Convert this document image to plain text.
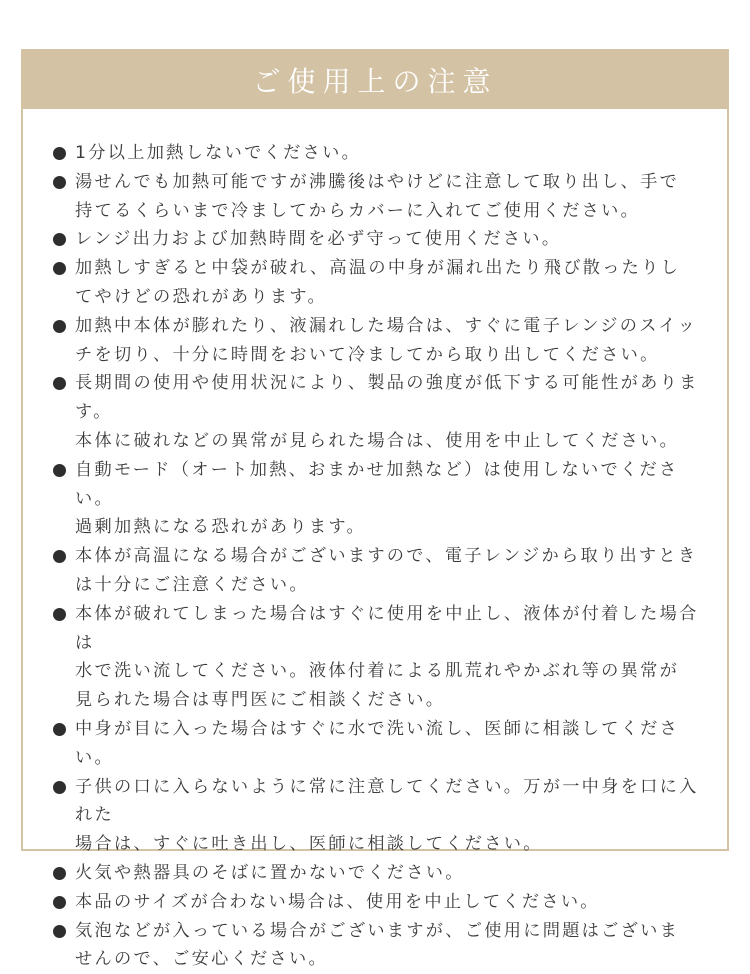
ご使用上の注意
1分以上加熱しないでください。
湯せんでも加熱可能ですが沸騰後はやけどに注意して取り出し、手で
持てるくらいまで冷ましてからカバーに入れてご使用ください。
レンジ出力および加熱時間を必ず守って使用ください。
加熱しすぎると中袋が破れ、高温の中身が漏れ出たり飛び散ったりし
てやけどの恐れがあります。
加熱中本体が膨れたり、液漏れした場合は、すぐに電子レンジのスイッ
チを切り、十分に時間をおいて冷ましてから取り出してください。
長期間の使用や使用状況により、製品の強度が低下する可能性があります。
本体に破れなどの異常が見られた場合は、使用を中止してください。
自動モード（オート加熱、おまかせ加熱など）は使用しないでください。
過剰加熱になる恐れがあります。
本体が高温になる場合がございますので、電子レンジから取り出すとき
は十分にご注意ください。
本体が破れてしまった場合はすぐに使用を中止し、液体が付着した場合は
水で洗い流してください。液体付着による肌荒れやかぶれ等の異常が
見られた場合は専門医にご相談ください。
中身が目に入った場合はすぐに水で洗い流し、医師に相談してください。
子供の口に入らないように常に注意してください。万が一中身を口に入れた
場合は、すぐに吐き出し、医師に相談してください。
火気や熱器具のそばに置かないでください。
本品のサイズが合わない場合は、使用を中止してください。
気泡などが入っている場合がございますが、ご使用に問題はございま
せんので、ご安心ください。
